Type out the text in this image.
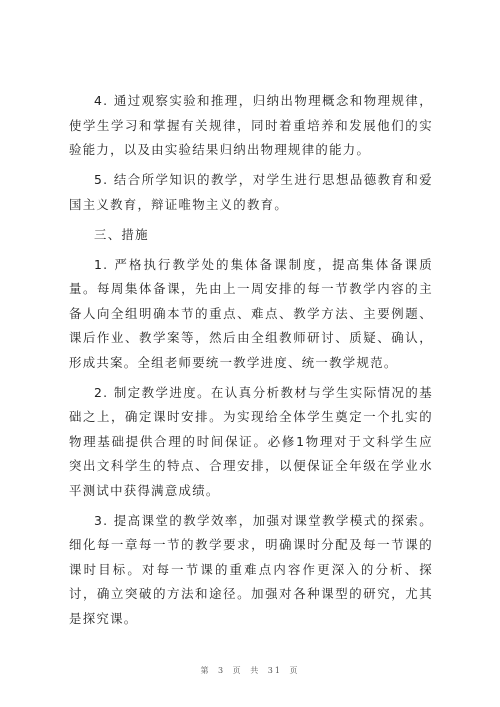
4. 通过观察实验和推理，归纳出物理概念和物理规律，使学生学习和掌握有关规律，同时着重培养和发展他们的实验能力，以及由实验结果归纳出物理规律的能力。

5. 结合所学知识的教学，对学生进行思想品德教育和爱国主义教育，辩证唯物主义的教育。

三、措施

1. 严格执行教学处的集体备课制度，提高集体备课质量。每周集体备课，先由上一周安排的每一节教学内容的主备人向全组明确本节的重点、难点、教学方法、主要例题、课后作业、教学案等，然后由全组教师研讨、质疑、确认，形成共案。全组老师要统一教学进度、统一教学规范。

2. 制定教学进度。在认真分析教材与学生实际情况的基础之上，确定课时安排。为实现给全体学生奠定一个扎实的物理基础提供合理的时间保证。必修1物理对于文科学生应突出文科学生的特点、合理安排，以便保证全年级在学业水平测试中获得满意成绩。

3. 提高课堂的教学效率，加强对课堂教学模式的探索。细化每一章每一节的教学要求，明确课时分配及每一节课的课时目标。对每一节课的重难点内容作更深入的分析、探讨，确立突破的方法和途径。加强对各种课型的研究，尤其是探究课。

第 3 页 共 31 页
